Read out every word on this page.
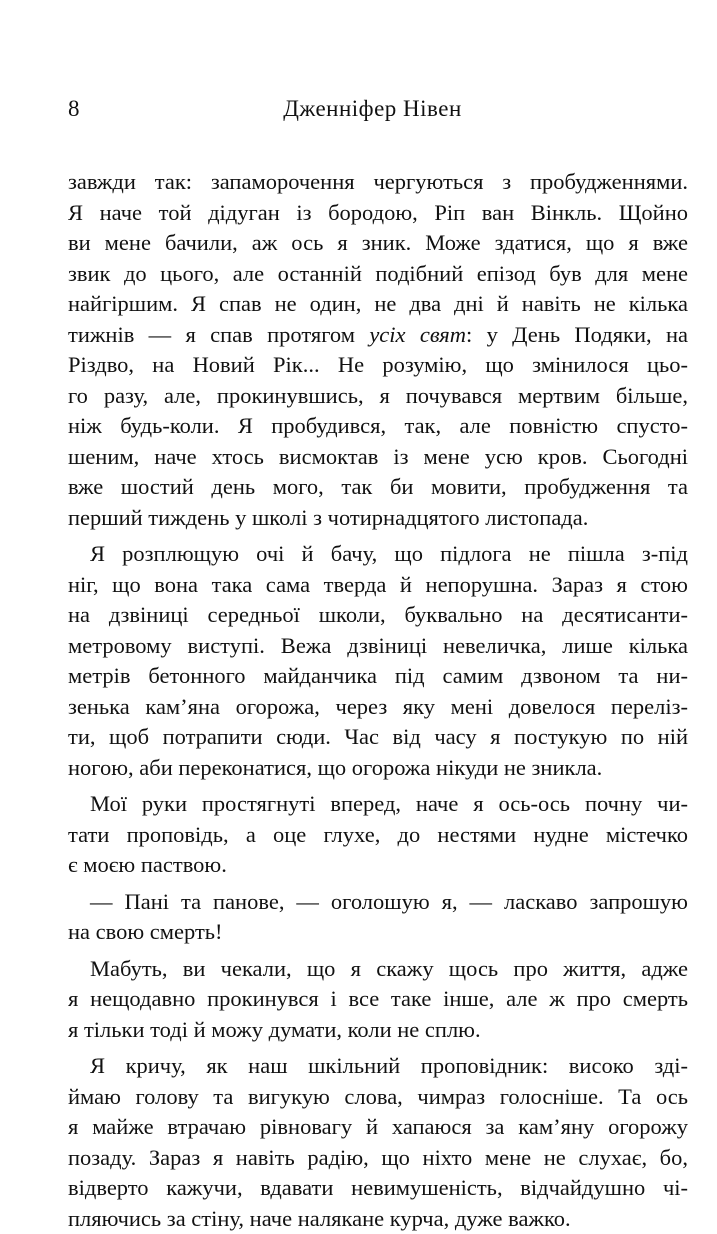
8	Дженніфер Нівен
завжди так: запаморочення чергуються з пробудженнями.
Я наче той дідуган із бородою, Ріп ван Вінкль. Щойно
ви мене бачили, аж ось я зник. Може здатися, що я вже
звик до цього, але останній подібний епізод був для мене
найгіршим. Я спав не один, не два дні й навіть не кілька
тижнів — я спав протягом усіх свят: у День Подяки, на
Різдво, на Новий Рік... Не розумію, що змінилося цьо-
го разу, але, прокинувшись, я почувався мертвим більше,
ніж будь-коли. Я пробудився, так, але повністю спусто-
шеним, наче хтось висмоктав із мене усю кров. Сьогодні
вже шостий день мого, так би мовити, пробудження та
перший тиждень у школі з чотирнадцятого листопада.
Я розплющую очі й бачу, що підлога не пішла з-під
ніг, що вона така сама тверда й непорушна. Зараз я стою
на дзвіниці середньої школи, буквально на десятисанти-
метровому виступі. Вежа дзвіниці невеличка, лише кілька
метрів бетонного майданчика під самим дзвоном та ни-
зенька кам’яна огорожа, через яку мені довелося перелiз-
ти, щоб потрапити сюди. Час від часу я постукую по ній
ногою, аби переконатися, що огорожа нікуди не зникла.
Мої руки простягнуті вперед, наче я ось-ось почну чи-
тати проповідь, а оце глухе, до нестями нудне містечко
є моєю паствою.
— Пані та панове, — оголошую я, — ласкаво запрошую
на свою смерть!
Мабуть, ви чекали, що я скажу щось про життя, адже
я нещодавно прокинувся і все таке інше, але ж про смерть
я тільки тоді й можу думати, коли не сплю.
Я кричу, як наш шкільний проповідник: високо зді-
ймаю голову та вигукую слова, чимраз голосніше. Та ось
я майже втрачаю рівновагу й хапаюся за кам’яну огорожу
позаду. Зараз я навіть радію, що ніхто мене не слухає, бо,
відверто кажучи, вдавати невимушеність, відчайдушно чі-
пляючись за стіну, наче налякане курча, дуже важко.
